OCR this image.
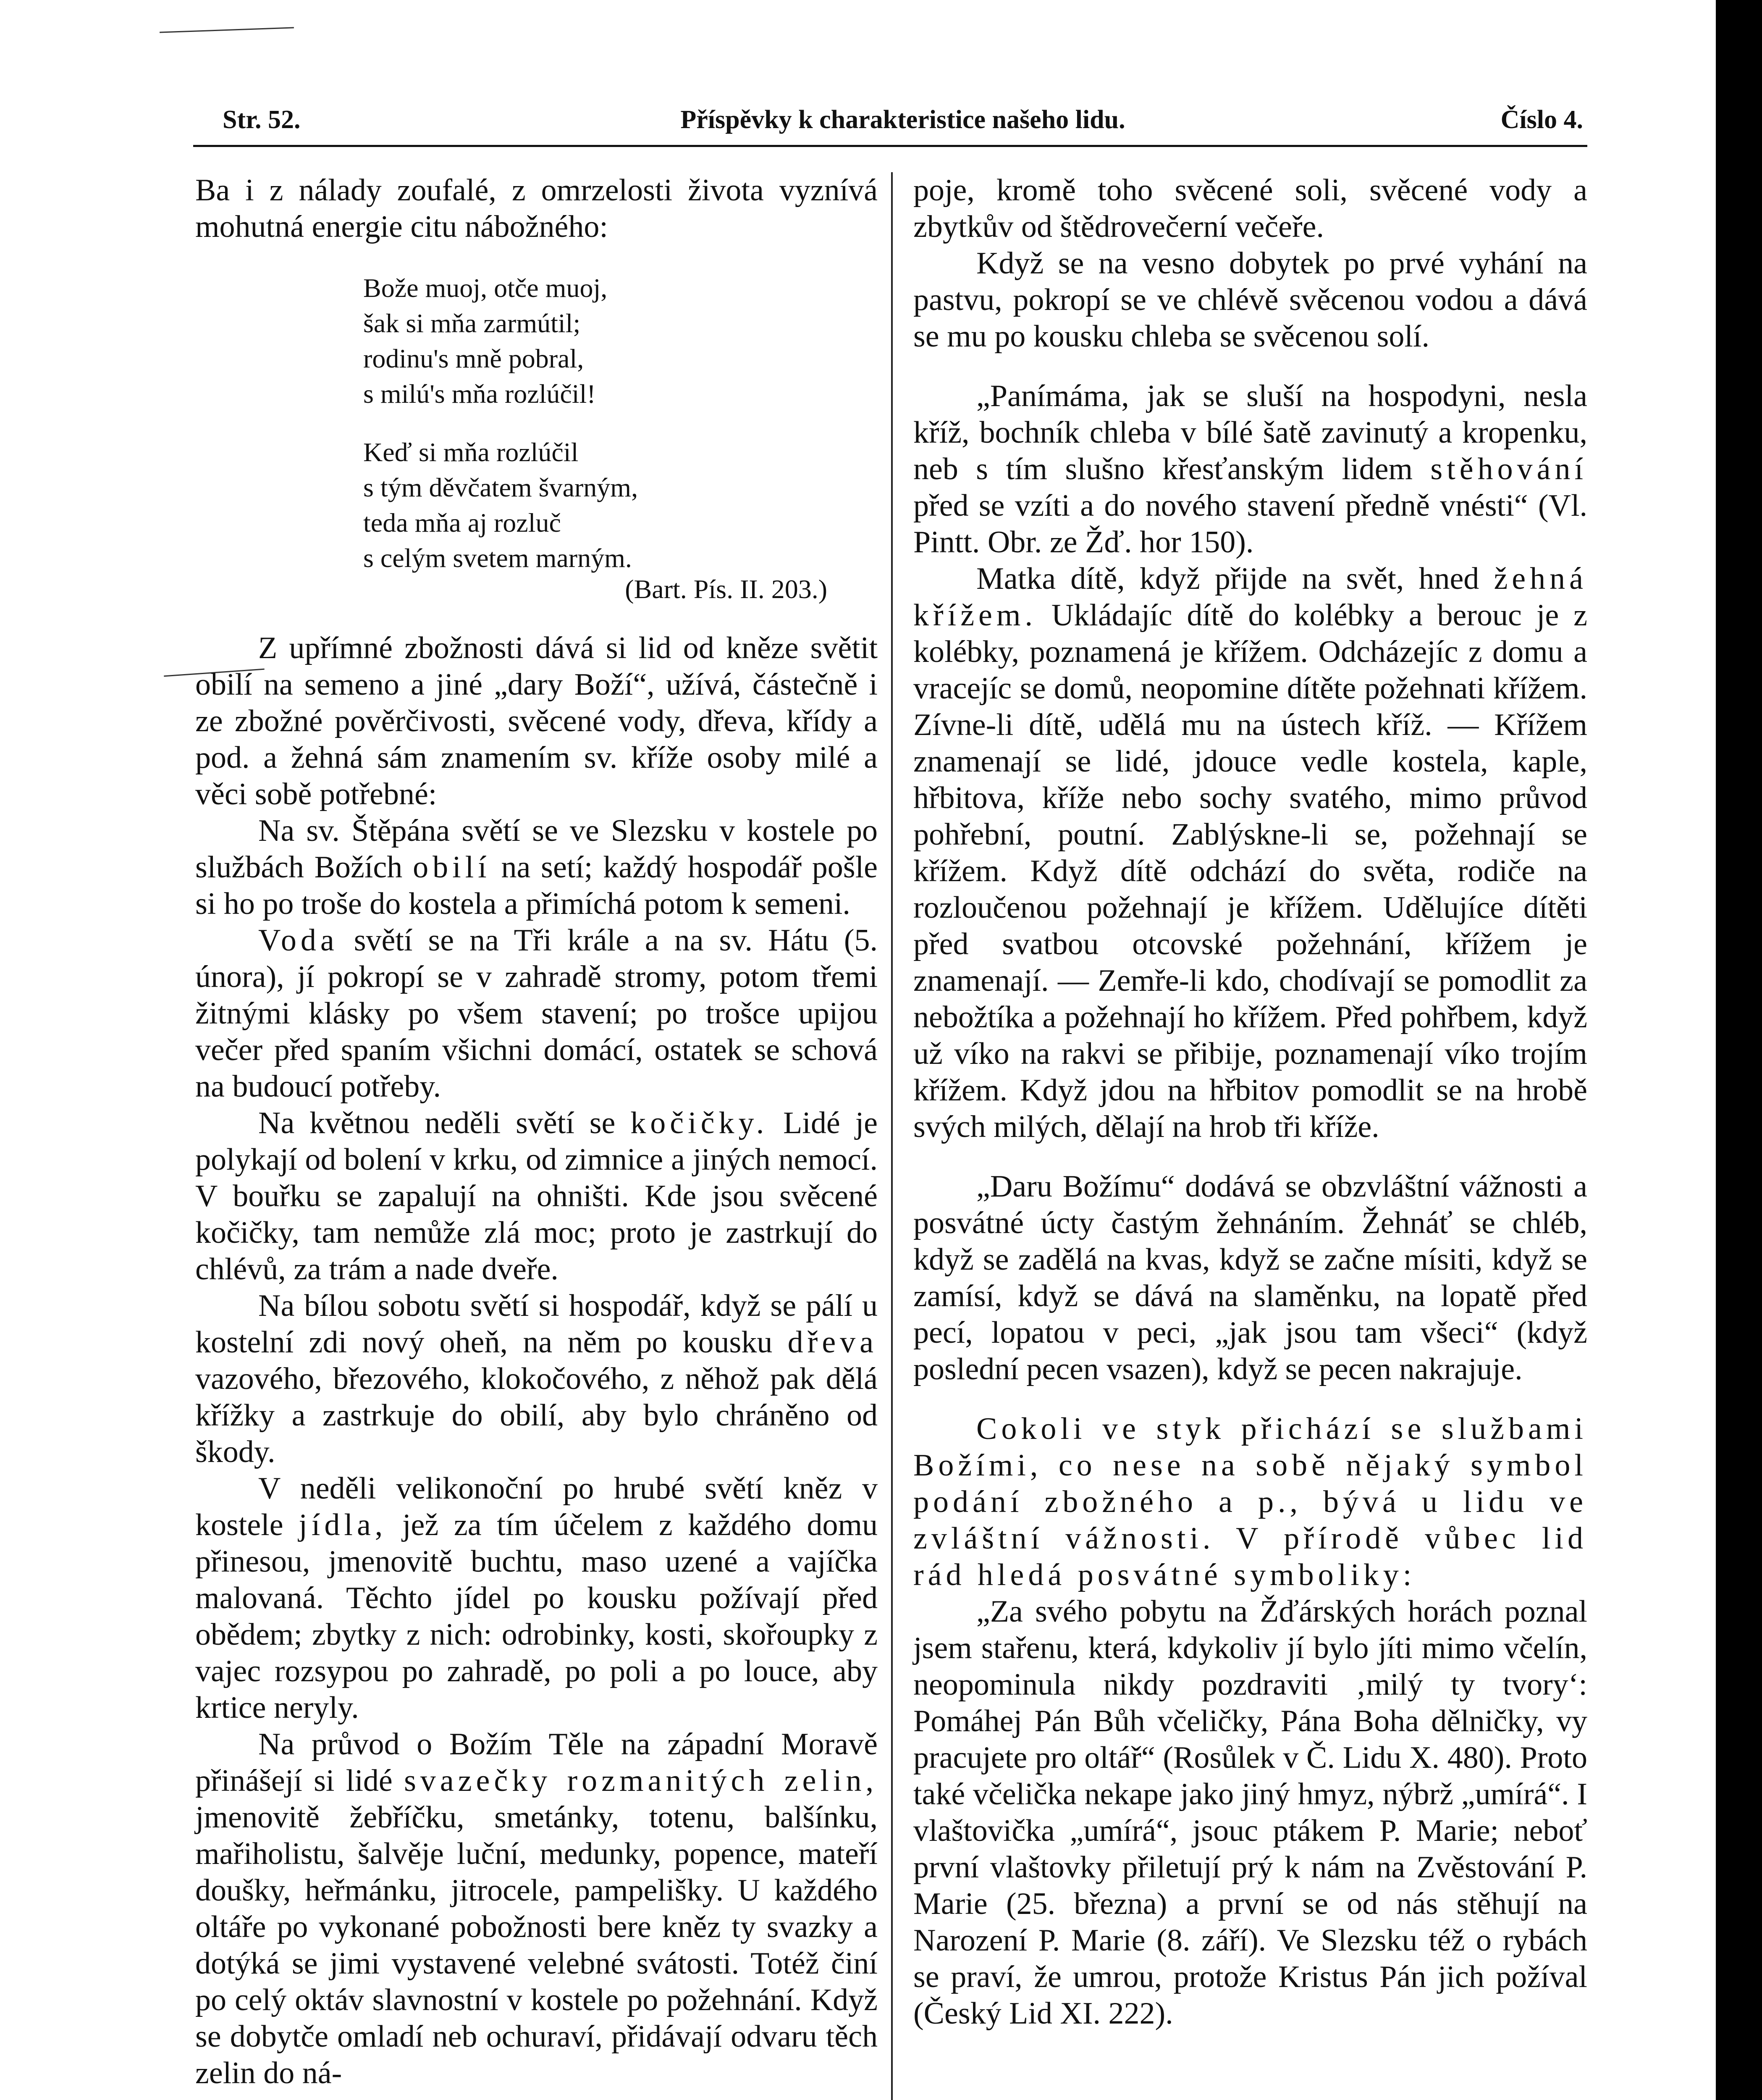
Str. 52.	Příspěvky k charakteristice našeho lidu.	Číslo 4.

Ba i z nálady zoufalé, z omrzelosti života vyznívá mohutná energie citu nábožného:

Bože muoj, otče muoj,
šak si mňa zarmútil;
rodinu's mně pobral,
s milú's mňa rozlúčil!
Keď si mňa rozlúčil
s tým děvčatem švarným,
teda mňa aj rozluč
s celým svetem marným.
(Bart. Pís. II. 203.)

Z upřímné zbožnosti dává si lid od kněze světit obilí na semeno a jiné „dary Boží“, užívá, částečně i ze zbožné pověrčivosti, svěcené vody, dřeva, křídy a pod. a žehná sám znamením sv. kříže osoby milé a věci sobě potřebné:

Na sv. Štěpána světí se ve Slezsku v kostele po službách Božích obilí na setí; každý hospodář pošle si ho po troše do kostela a přimíchá potom k semeni.

Voda světí se na Tři krále a na sv. Hátu (5. února), jí pokropí se v zahradě stromy, potom třemi žitnými klásky po všem stavení; po trošce upijou večer před spaním všichni domácí, ostatek se schová na budoucí potřeby.

Na květnou neděli světí se kočičky. Lidé je polykají od bolení v krku, od zimnice a jiných nemocí. V bouřku se zapalují na ohništi. Kde jsou svěcené kočičky, tam nemůže zlá moc; proto je zastrkují do chlévů, za trám a nade dveře.

Na bílou sobotu světí si hospodář, když se pálí u kostelní zdi nový oheň, na něm po kousku dřeva vazového, březového, klokočového, z něhož pak dělá křížky a zastrkuje do obilí, aby bylo chráněno od škody.

V neděli velikonoční po hrubé světí kněz v kostele jídla, jež za tím účelem z každého domu přinesou, jmenovitě buchtu, maso uzené a vajíčka malovaná. Těchto jídel po kousku požívají před obědem; zbytky z nich: odrobinky, kosti, skořoupky z vajec rozsypou po zahradě, po poli a po louce, aby krtice neryly.

Na průvod o Božím Těle na západní Moravě přinášejí si lidé svazečky rozmanitých zelin, jmenovitě žebříčku, smetánky, totenu, balšínku, mařiholistu, šalvěje luční, medunky, popence, mateří doušky, heřmánku, jitrocele, pampelišky. U každého oltáře po vykonané pobožnosti bere kněz ty svazky a dotýká se jimi vystavené velebné svátosti. Totéž činí po celý oktáv slavnostní v kostele po požehnání. Když se dobytče omladí neb ochuraví, přidávají odvaru těch zelin do ná-

poje, kromě toho svěcené soli, svěcené vody a zbytkův od štědrovečerní večeře.

Když se na vesno dobytek po prvé vyhání na pastvu, pokropí se ve chlévě svěcenou vodou a dává se mu po kousku chleba se svěcenou solí.

„Panímáma, jak se sluší na hospodyni, nesla kříž, bochník chleba v bílé šatě zavinutý a kropenku, neb s tím slušno křesťanským lidem stěhování před se vzíti a do nového stavení předně vnésti“ (Vl. Pintt. Obr. ze Žď. hor 150).

Matka dítě, když přijde na svět, hned žehná křížem. Ukládajíc dítě do kolébky a berouc je z kolébky, poznamená je křížem. Odcházejíc z domu a vracejíc se domů, neopomine dítěte požehnati křížem. Zívne-li dítě, udělá mu na ústech kříž. — Křížem znamenají se lidé, jdouce vedle kostela, kaple, hřbitova, kříže nebo sochy svatého, mimo průvod pohřební, poutní. Zablýskne-li se, požehnají se křížem. Když dítě odchází do světa, rodiče na rozloučenou požehnají je křížem. Udělujíce dítěti před svatbou otcovské požehnání, křížem je znamenají. — Zemře-li kdo, chodívají se pomodlit za nebožtíka a požehnají ho křížem. Před pohřbem, když už víko na rakvi se přibije, poznamenají víko trojím křížem. Když jdou na hřbitov pomodlit se na hrobě svých milých, dělají na hrob tři kříže.

„Daru Božímu“ dodává se obzvláštní vážnosti a posvátné úcty častým žehnáním. Žehnáť se chléb, když se zadělá na kvas, když se začne mísiti, když se zamísí, když se dává na slaměnku, na lopatě před pecí, lopatou v peci, „jak jsou tam všeci“ (když poslední pecen vsazen), když se pecen nakrajuje.

Cokoli ve styk přichází se službami Božími, co nese na sobě nějaký symbol podání zbožného a p., bývá u lidu ve zvláštní vážnosti. V přírodě vůbec lid rád hledá posvátné symboliky:

„Za svého pobytu na Žďárských horách poznal jsem stařenu, která, kdykoliv jí bylo jíti mimo včelín, neopominula nikdy pozdraviti ‚milý ty tvory‘: Pomáhej Pán Bůh včeličky, Pána Boha dělničky, vy pracujete pro oltář“ (Rosůlek v Č. Lidu X. 480). Proto také včelička nekape jako jiný hmyz, nýbrž „umírá“. I vlaštovička „umírá“, jsouc ptákem P. Marie; neboť první vlaštovky přiletují prý k nám na Zvěstování P. Marie (25. března) a první se od nás stěhují na Narození P. Marie (8. září). Ve Slezsku též o rybách se praví, že umrou, protože Kristus Pán jich požíval (Český Lid XI. 222).
